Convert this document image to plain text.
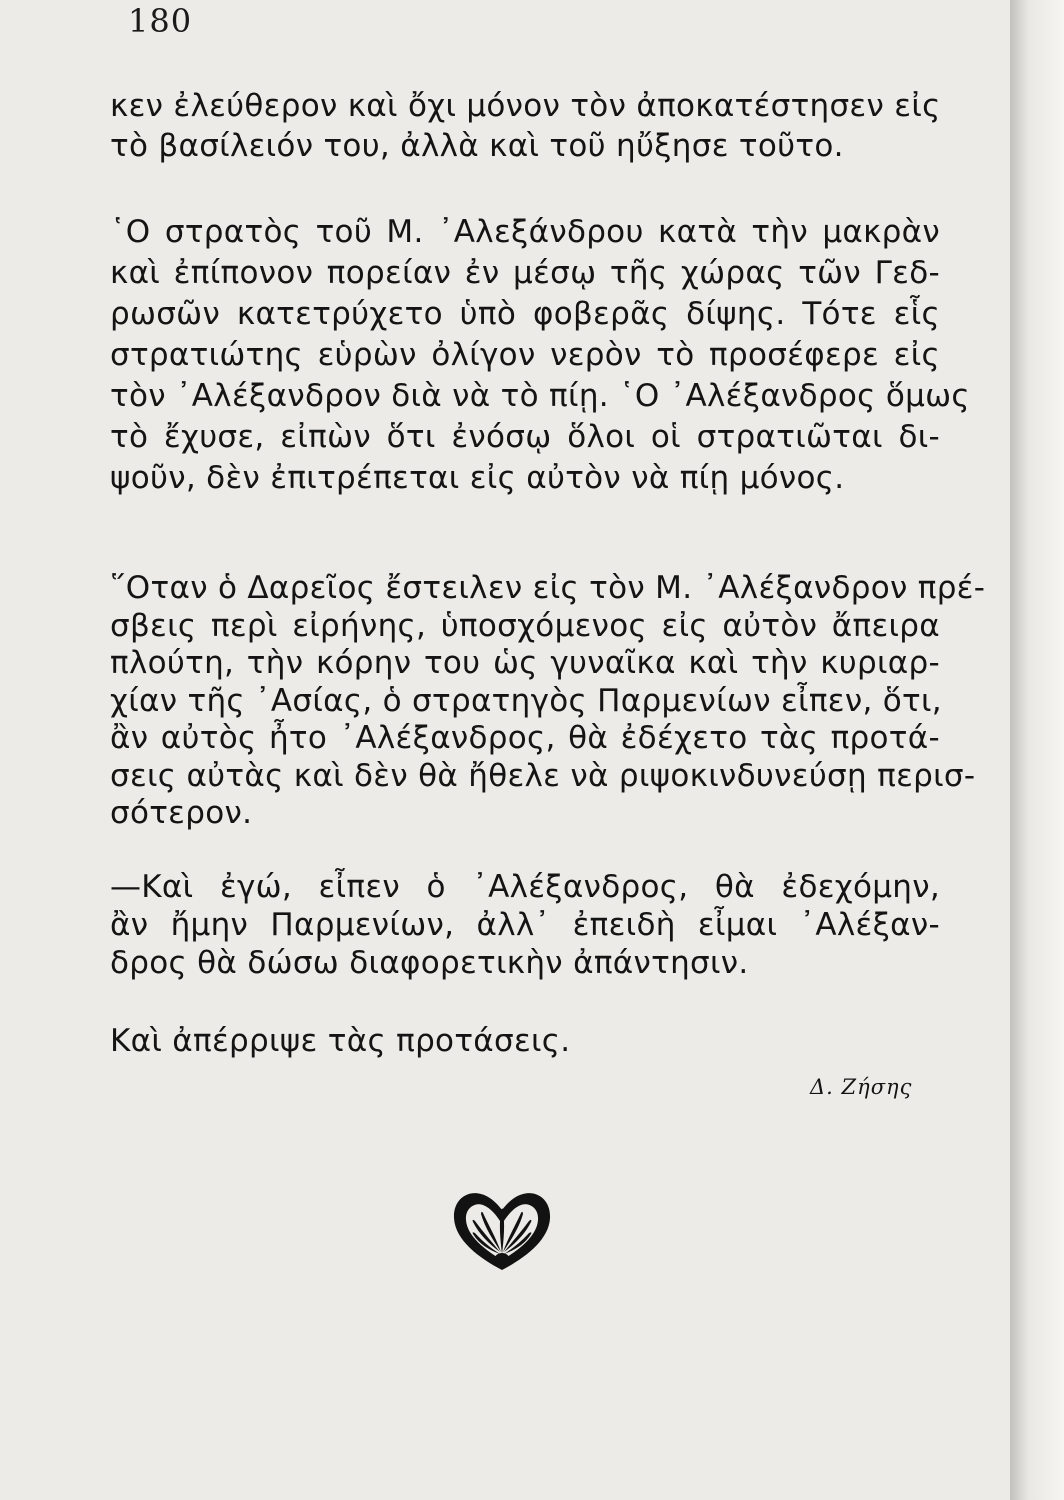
180
κεν ἐλεύθερον καὶ ὄχι μόνον τὸν ἀποκατέστησεν εἰς
τὸ βασίλειόν του, ἀλλὰ καὶ τοῦ ηὔξησε τοῦτο.
῾Ο στρατὸς τοῦ Μ. ᾿Αλεξάνδρου κατὰ τὴν μακρὰν
καὶ ἐπίπονον πορείαν ἐν μέσῳ τῆς χώρας τῶν Γεδ-
ρωσῶν κατετρύχετο ὑπὸ φοβερᾶς δίψης. Τότε εἷς
στρατιώτης εὑρὼν ὀλίγον νερὸν τὸ προσέφερε εἰς
τὸν ᾿Αλέξανδρον διὰ νὰ τὸ πίῃ. ῾Ο ᾿Αλέξανδρος ὅμως
τὸ ἔχυσε, εἰπὼν ὅτι ἐνόσῳ ὅλοι οἱ στρατιῶται δι-
ψοῦν, δὲν ἐπιτρέπεται εἰς αὐτὸν νὰ πίῃ μόνος.
῞Οταν ὁ Δαρεῖος ἔστειλεν εἰς τὸν Μ. ᾿Αλέξανδρον πρέ-
σβεις περὶ εἰρήνης, ὑποσχόμενος εἰς αὐτὸν ἄπειρα
πλούτη, τὴν κόρην του ὡς γυναῖκα καὶ τὴν κυριαρ-
χίαν τῆς ᾿Ασίας, ὁ στρατηγὸς Παρμενίων εἶπεν, ὅτι,
ἂν αὐτὸς ἦτο ᾿Αλέξανδρος, θὰ ἐδέχετο τὰς προτά-
σεις αὐτὰς καὶ δὲν θὰ ἤθελε νὰ ριψοκινδυνεύσῃ περισ-
σότερον.
—Καὶ ἐγώ, εἶπεν ὁ ᾿Αλέξανδρος, θὰ ἐδεχόμην,
ἂν ἤμην Παρμενίων, ἀλλ᾿ ἐπειδὴ εἶμαι ᾿Αλέξαν-
δρος θὰ δώσω διαφορετικὴν ἀπάντησιν.
Καὶ ἀπέρριψε τὰς προτάσεις.
Δ. Ζήσης
